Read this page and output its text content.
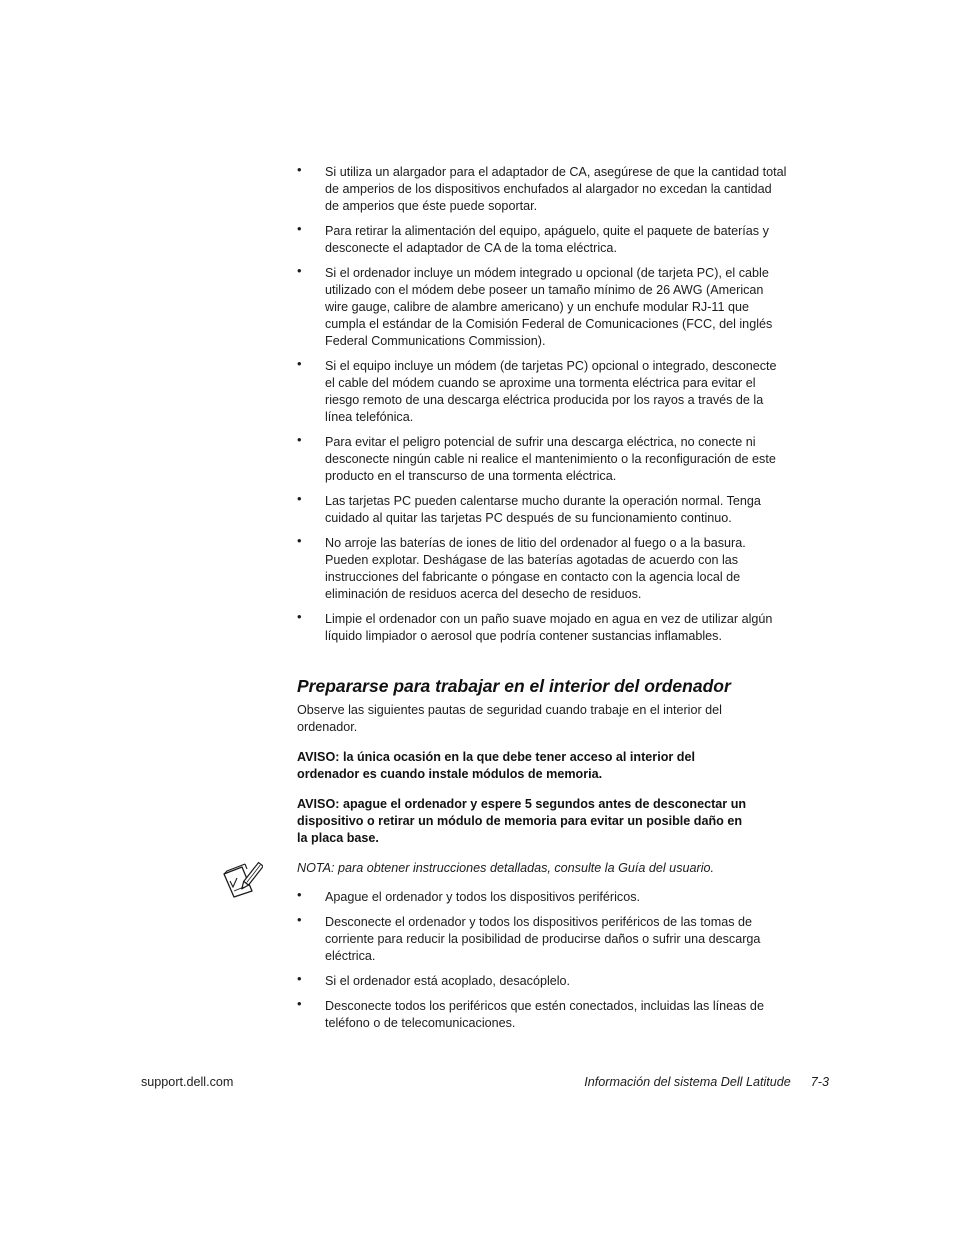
• Si utiliza un alargador para el adaptador de CA, asegúrese de que la cantidad total
de amperios de los dispositivos enchufados al alargador no excedan la cantidad
de amperios que éste puede soportar.
• Para retirar la alimentación del equipo, apáguelo, quite el paquete de baterías y
desconecte el adaptador de CA de la toma eléctrica.
• Si el ordenador incluye un módem integrado u opcional (de tarjeta PC), el cable
utilizado con el módem debe poseer un tamaño mínimo de 26 AWG (American
wire gauge, calibre de alambre americano) y un enchufe modular RJ-11 que
cumpla el estándar de la Comisión Federal de Comunicaciones (FCC, del inglés
Federal Communications Commission).
• Si el equipo incluye un módem (de tarjetas PC) opcional o integrado, desconecte
el cable del módem cuando se aproxime una tormenta eléctrica para evitar el
riesgo remoto de una descarga eléctrica producida por los rayos a través de la
línea telefónica.
• Para evitar el peligro potencial de sufrir una descarga eléctrica, no conecte ni
desconecte ningún cable ni realice el mantenimiento o la reconfiguración de este
producto en el transcurso de una tormenta eléctrica.
• Las tarjetas PC pueden calentarse mucho durante la operación normal. Tenga
cuidado al quitar las tarjetas PC después de su funcionamiento continuo.
• No arroje las baterías de iones de litio del ordenador al fuego o a la basura.
Pueden explotar. Deshágase de las baterías agotadas de acuerdo con las
instrucciones del fabricante o póngase en contacto con la agencia local de
eliminación de residuos acerca del desecho de residuos.
• Limpie el ordenador con un paño suave mojado en agua en vez de utilizar algún
líquido limpiador o aerosol que podría contener sustancias inflamables.
Prepararse para trabajar en el interior del ordenador
Observe las siguientes pautas de seguridad cuando trabaje en el interior del
ordenador.
AVISO: la única ocasión en la que debe tener acceso al interior del
ordenador es cuando instale módulos de memoria.
AVISO: apague el ordenador y espere 5 segundos antes de desconectar un
dispositivo o retirar un módulo de memoria para evitar un posible daño en
la placa base.
NOTA: para obtener instrucciones detalladas, consulte la Guía del usuario.
• Apague el ordenador y todos los dispositivos periféricos.
• Desconecte el ordenador y todos los dispositivos periféricos de las tomas de
corriente para reducir la posibilidad de producirse daños o sufrir una descarga
eléctrica.
• Si el ordenador está acoplado, desacóplelo.
• Desconecte todos los periféricos que estén conectados, incluidas las líneas de
teléfono o de telecomunicaciones.
support.dell.com	Información del sistema Dell Latitude 7-3
